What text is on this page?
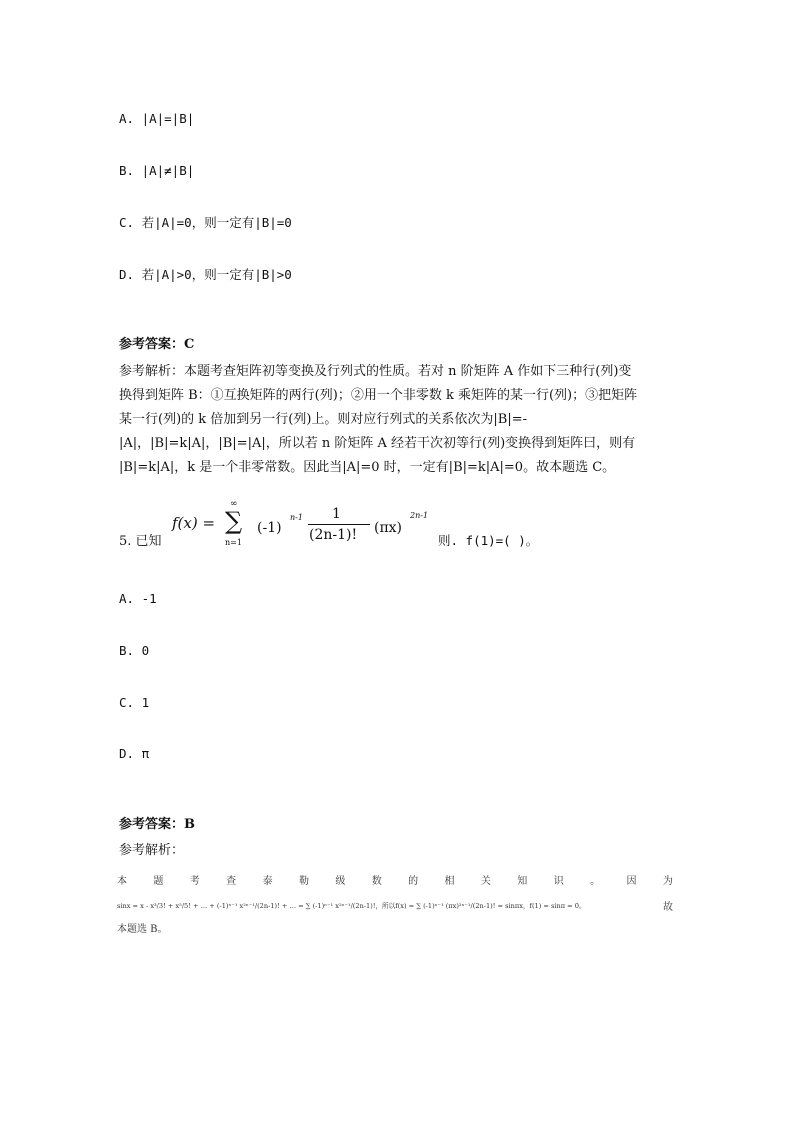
A. |A|=|B|
B. |A|≠|B|
C. 若|A|=0，则一定有|B|=0
D. 若|A|>0，则一定有|B|>0
参考答案：C
参考解析：本题考查矩阵初等变换及行列式的性质。若对 n 阶矩阵 A 作如下三种行(列)变
换得到矩阵 B：①互换矩阵的两行(列)；②用一个非零数 k 乘矩阵的某一行(列)；③把矩阵
某一行(列)的 k 倍加到另一行(列)上。则对应行列式的关系依次为|B|=-
|A|，|B|=k|A|，|B|=|A|，所以若 n 阶矩阵 A 经若干次初等行(列)变换得到矩阵曰，则有
|B|=k|A|，k 是一个非零常数。因此当|A|=0 时，一定有|B|=k|A|=0。故本题选 C。
5. 已知
f(x) =
∞
∑
n=1
(-1)
n-1 1
(2n-1)! (πx)
2n-1
则. f(1)=( )。
A. -1
B. 0
C. 1
D. π
参考答案：B
参考解析：
本	题	考	查	泰	勒	级	数	的	相	关	知	识	。	因	为
sinx = x - x³/3! + x⁵/5! + … + (-1)ⁿ⁻¹ x²ⁿ⁻¹/(2n-1)! + … = ∑ (-1)ⁿ⁻¹ x²ⁿ⁻¹/(2n-1)!，所以f(x) = ∑ (-1)ⁿ⁻¹ (πx)²ⁿ⁻¹/(2n-1)! = sinπx，f(1) = sinπ = 0。	故
本题选 B。
